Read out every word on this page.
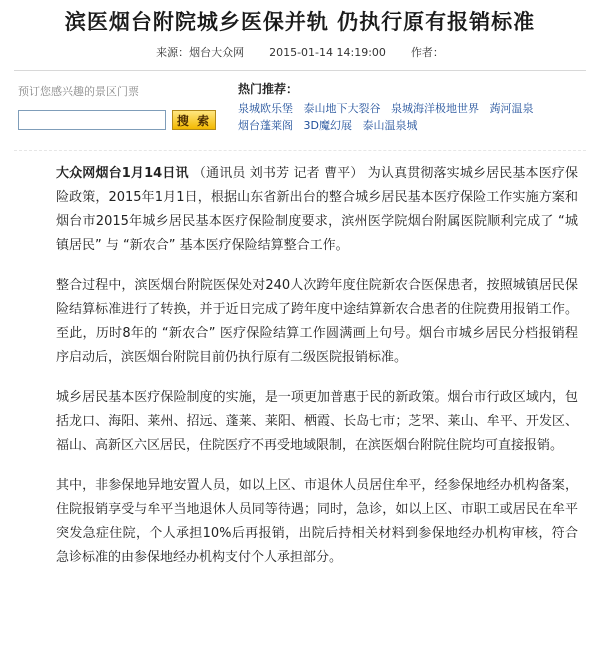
滨医烟台附院城乡医保并轨 仍执行原有报销标准
来源：烟台大众网 2015-01-14 14:19:00 作者：
预订您感兴趣的景区门票
搜 索
热门推荐：
泉城欧乐堡 泰山地下大裂谷 泉城海洋极地世界 蒟河温泉 烟台蓬莱阁 3D魔幻展 泰山温泉城

大众网烟台1月14日讯 （通讯员 刘书芳 记者 曹平） 为认真贯彻落实城乡居民基本医疗保险政策，2015年1月1日，根据山东省新出台的整合城乡居民基本医疗保险工作实施方案和烟台市2015年城乡居民基本医疗保险制度要求，滨州医学院烟台附属医院顺利完成了 “城镇居民” 与 “新农合” 基本医疗保险结算整合工作。

整合过程中，滨医烟台附院医保处对240人次跨年度住院新农合医保患者，按照城镇居民保险结算标准进行了转换，并于近日完成了跨年度中途结算新农合患者的住院费用报销工作。至此，历时8年的 “新农合” 医疗保险结算工作圆满画上句号。烟台市城乡居民分档报销程序启动后，滨医烟台附院目前仍执行原有二级医院报销标准。

城乡居民基本医疗保险制度的实施，是一项更加普惠于民的新政策。烟台市行政区域内，包括龙口、海阳、莱州、招远、蓬莱、莱阳、栖霞、长岛七市；芝罘、莱山、牟平、开发区、福山、高新区六区居民，住院医疗不再受地域限制，在滨医烟台附院住院均可直接报销。

其中，非参保地异地安置人员，如以上区、市退休人员居住牟平，经参保地经办机构备案，住院报销享受与牟平当地退休人员同等待遇；同时，急诊，如以上区、市职工或居民在牟平突发急症住院，个人承担10%后再报销，出院后持相关材料到参保地经办机构审核，符合急诊标准的由参保地经办机构支付个人承担部分。
